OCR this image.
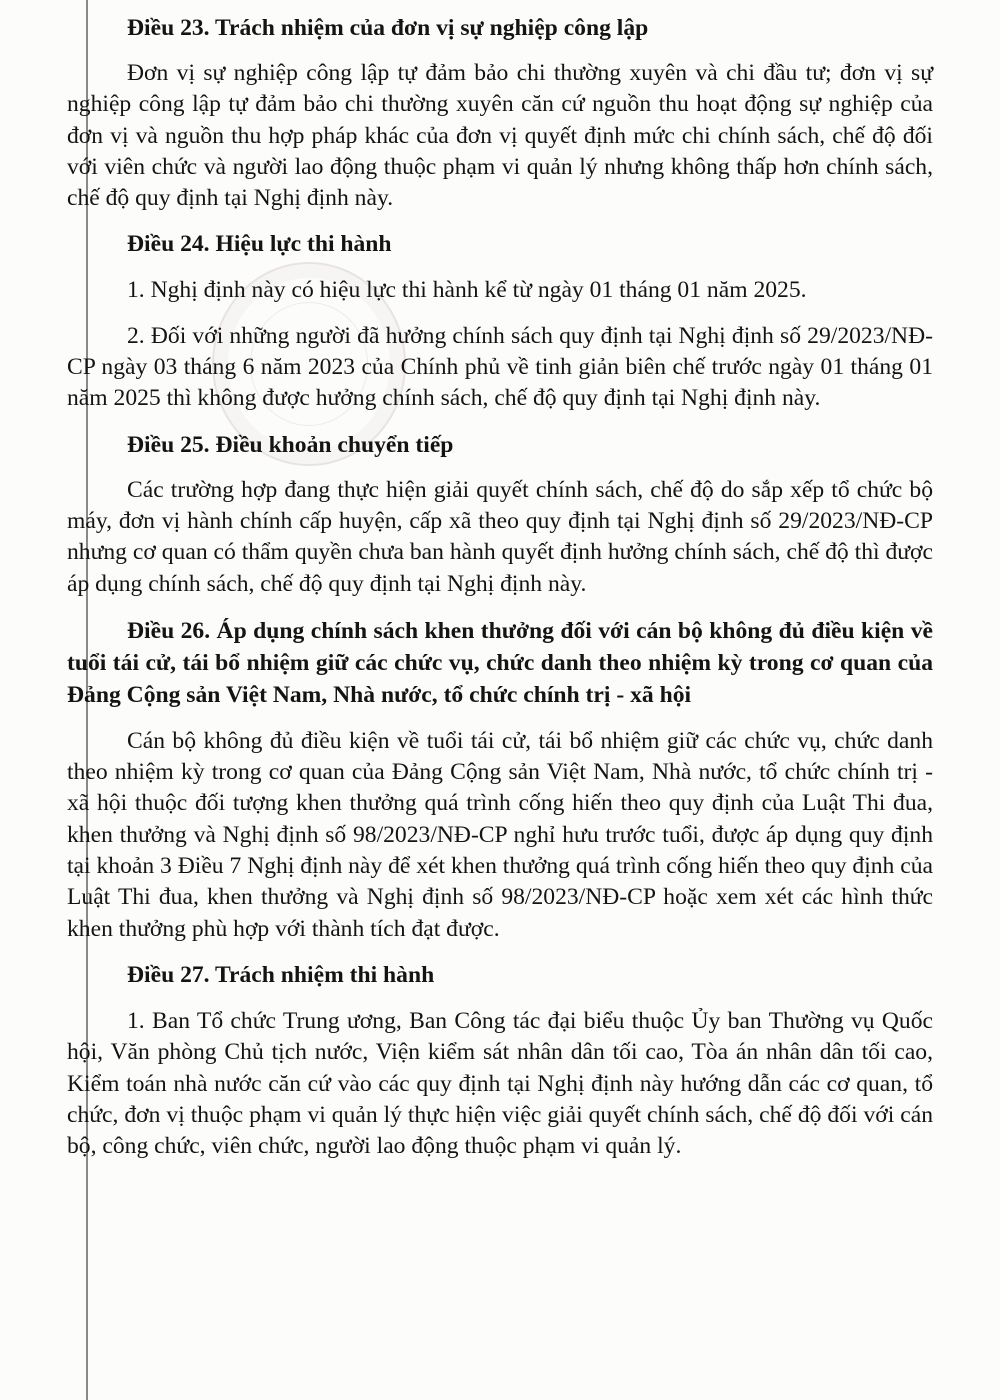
Điều 23. Trách nhiệm của đơn vị sự nghiệp công lập

Đơn vị sự nghiệp công lập tự đảm bảo chi thường xuyên và chi đầu tư; đơn vị sự nghiệp công lập tự đảm bảo chi thường xuyên căn cứ nguồn thu hoạt động sự nghiệp của đơn vị và nguồn thu hợp pháp khác của đơn vị quyết định mức chi chính sách, chế độ đối với viên chức và người lao động thuộc phạm vi quản lý nhưng không thấp hơn chính sách, chế độ quy định tại Nghị định này.

Điều 24. Hiệu lực thi hành

1. Nghị định này có hiệu lực thi hành kể từ ngày 01 tháng 01 năm 2025.

2. Đối với những người đã hưởng chính sách quy định tại Nghị định số 29/2023/NĐ-CP ngày 03 tháng 6 năm 2023 của Chính phủ về tinh giản biên chế trước ngày 01 tháng 01 năm 2025 thì không được hưởng chính sách, chế độ quy định tại Nghị định này.

Điều 25. Điều khoản chuyển tiếp

Các trường hợp đang thực hiện giải quyết chính sách, chế độ do sắp xếp tổ chức bộ máy, đơn vị hành chính cấp huyện, cấp xã theo quy định tại Nghị định số 29/2023/NĐ-CP nhưng cơ quan có thẩm quyền chưa ban hành quyết định hưởng chính sách, chế độ thì được áp dụng chính sách, chế độ quy định tại Nghị định này.

Điều 26. Áp dụng chính sách khen thưởng đối với cán bộ không đủ điều kiện về tuổi tái cử, tái bổ nhiệm giữ các chức vụ, chức danh theo nhiệm kỳ trong cơ quan của Đảng Cộng sản Việt Nam, Nhà nước, tổ chức chính trị - xã hội

Cán bộ không đủ điều kiện về tuổi tái cử, tái bổ nhiệm giữ các chức vụ, chức danh theo nhiệm kỳ trong cơ quan của Đảng Cộng sản Việt Nam, Nhà nước, tổ chức chính trị - xã hội thuộc đối tượng khen thưởng quá trình cống hiến theo quy định của Luật Thi đua, khen thưởng và Nghị định số 98/2023/NĐ-CP nghỉ hưu trước tuổi, được áp dụng quy định tại khoản 3 Điều 7 Nghị định này để xét khen thưởng quá trình cống hiến theo quy định của Luật Thi đua, khen thưởng và Nghị định số 98/2023/NĐ-CP hoặc xem xét các hình thức khen thưởng phù hợp với thành tích đạt được.

Điều 27. Trách nhiệm thi hành

1. Ban Tổ chức Trung ương, Ban Công tác đại biểu thuộc Ủy ban Thường vụ Quốc hội, Văn phòng Chủ tịch nước, Viện kiểm sát nhân dân tối cao, Tòa án nhân dân tối cao, Kiểm toán nhà nước căn cứ vào các quy định tại Nghị định này hướng dẫn các cơ quan, tổ chức, đơn vị thuộc phạm vi quản lý thực hiện việc giải quyết chính sách, chế độ đối với cán bộ, công chức, viên chức, người lao động thuộc phạm vi quản lý.
